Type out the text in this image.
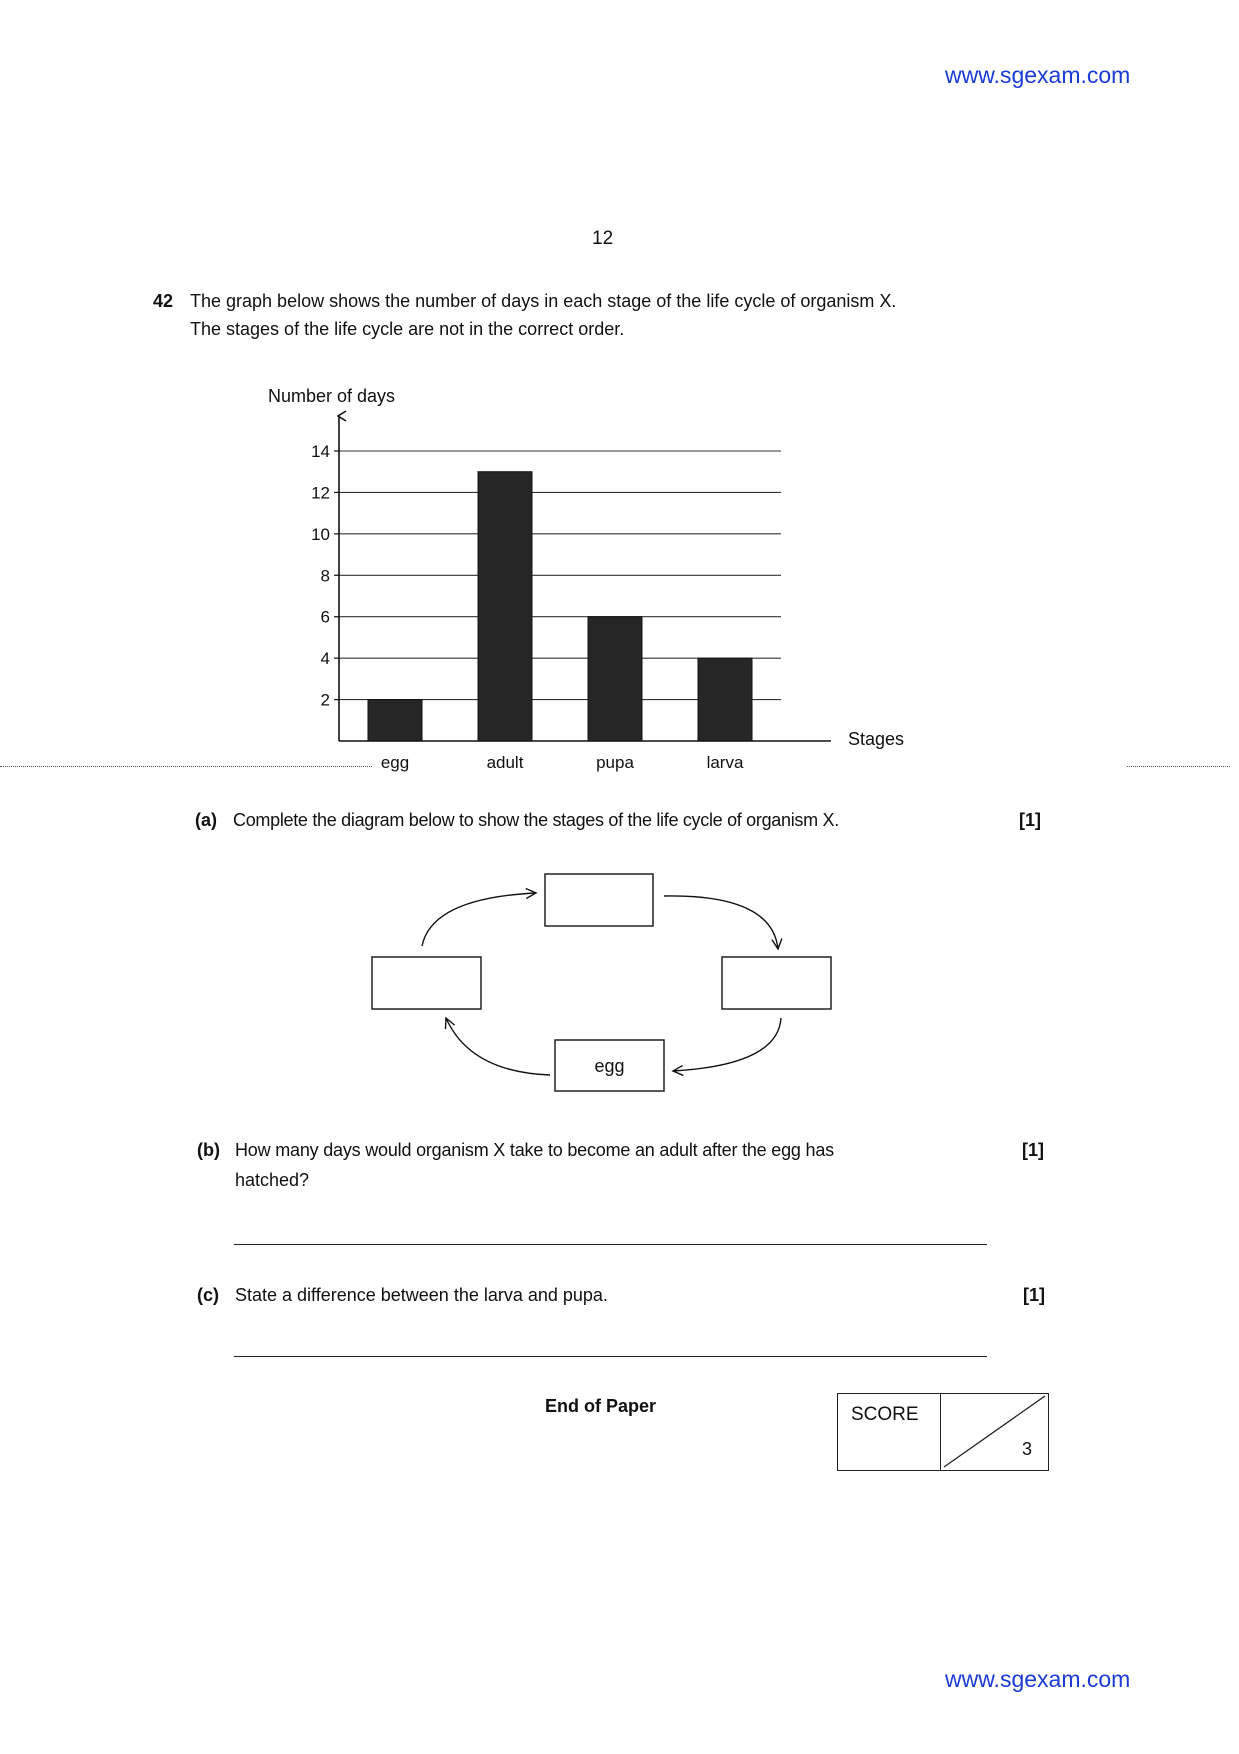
www.sgexam.com
12
42 The graph below shows the number of days in each stage of the life cycle of organism X.
The stages of the life cycle are not in the correct order.
2
4
6
8
10
12
14
egg	adult	pupa	larva
Number of days
Stages
(a) Complete the diagram below to show the stages of the life cycle of organism X.	[1]
egg
(b) How many days would organism X take to become an adult after the egg has
hatched?
[1]
(c) State a difference between the larva and pupa.	[1]
End of Paper	SCORE
3
www.sgexam.com
